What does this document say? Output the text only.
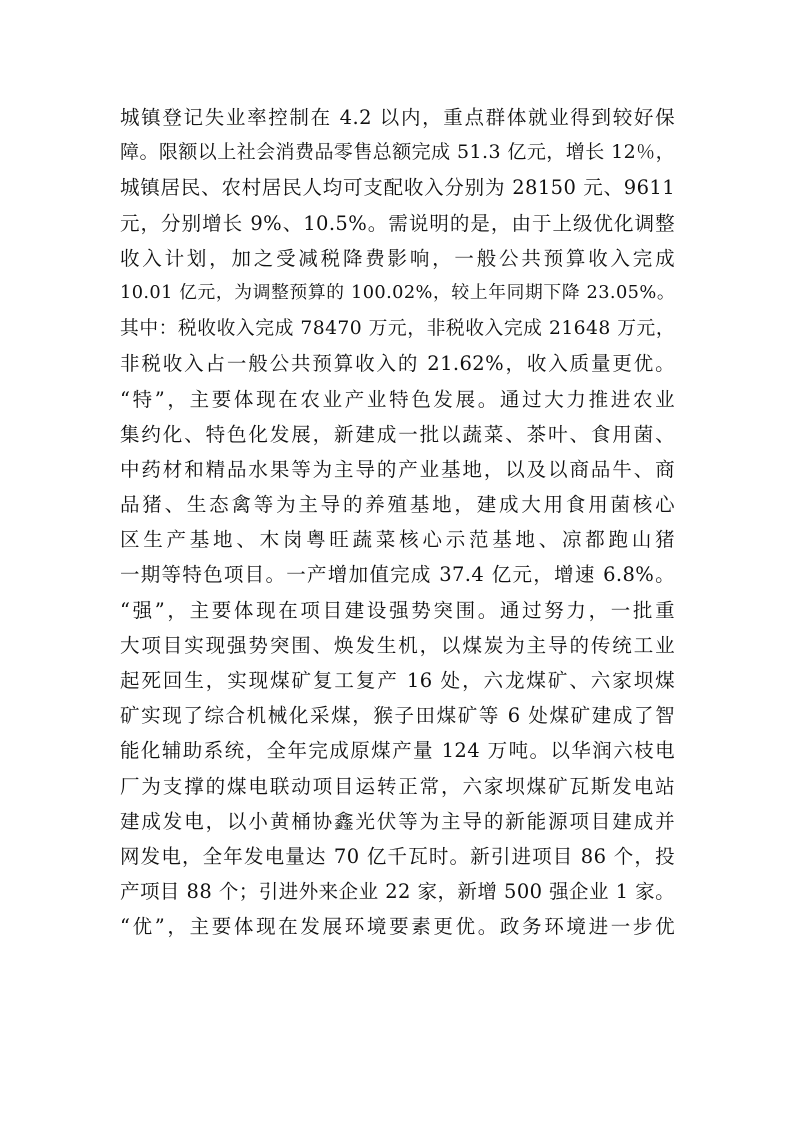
城镇登记失业率控制在 4.2 以内，重点群体就业得到较好保
障。限额以上社会消费品零售总额完成 51.3 亿元，增长 12％，
城镇居民、农村居民人均可支配收入分别为 28150 元、9611
元，分别增长 9%、10.5%。需说明的是，由于上级优化调整
收入计划，加之受减税降费影响，一般公共预算收入完成
10.01 亿元，为调整预算的 100.02%，较上年同期下降 23.05%。
其中：税收收入完成 78470 万元，非税收入完成 21648 万元，
非税收入占一般公共预算收入的 21.62%，收入质量更优。
“特”，主要体现在农业产业特色发展。通过大力推进农业
集约化、特色化发展，新建成一批以蔬菜、茶叶、食用菌、
中药材和精品水果等为主导的产业基地，以及以商品牛、商
品猪、生态禽等为主导的养殖基地，建成大用食用菌核心
区生产基地、木岗粤旺蔬菜核心示范基地、凉都跑山猪
一期等特色项目。一产增加值完成 37.4 亿元，增速 6.8%。
“强”，主要体现在项目建设强势突围。通过努力，一批重
大项目实现强势突围、焕发生机，以煤炭为主导的传统工业
起死回生，实现煤矿复工复产 16 处，六龙煤矿、六家坝煤
矿实现了综合机械化采煤，猴子田煤矿等 6 处煤矿建成了智
能化辅助系统，全年完成原煤产量 124 万吨。以华润六枝电
厂为支撑的煤电联动项目运转正常，六家坝煤矿瓦斯发电站
建成发电，以小黄桶协鑫光伏等为主导的新能源项目建成并
网发电，全年发电量达 70 亿千瓦时。新引进项目 86 个，投
产项目 88 个；引进外来企业 22 家，新增 500 强企业 1 家。
“优”，主要体现在发展环境要素更优。政务环境进一步优
